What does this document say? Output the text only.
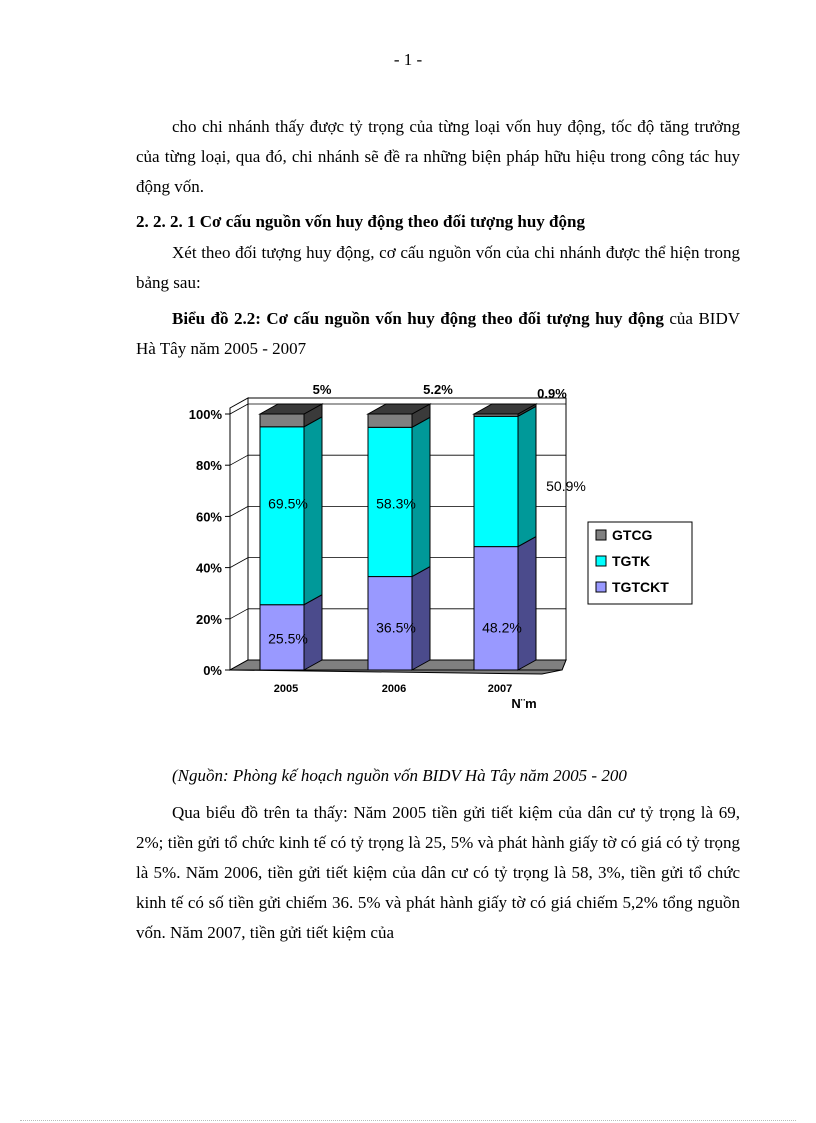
- 1 -

cho chi nhánh thấy được tỷ trọng của từng loại vốn huy động, tốc độ tăng trưởng của từng loại, qua đó, chi nhánh sẽ đề ra những biện pháp hữu hiệu trong công tác huy động vốn.

2. 2. 2. 1 Cơ cấu nguồn vốn huy động theo đối tượng huy động

Xét theo đối tượng huy động, cơ cấu nguồn vốn của chi nhánh được thể hiện trong bảng sau:

Biểu đồ 2.2: Cơ cấu nguồn vốn huy động theo đối tượng huy động của BIDV Hà Tây năm 2005 - 2007

0%
20%
40%
60%
80%
100%
2005	2006	2007
25.5%
36.5%	48.2%
69.5%	58.3%
50.9%
5%	5.2%	0.9%
N¨m
GTCG
TGTK
TGTCKT

(Nguồn: Phòng kế hoạch nguồn vốn BIDV Hà Tây năm 2005 - 200

Qua biểu đồ trên ta thấy: Năm 2005 tiền gửi tiết kiệm của dân cư tỷ trọng là 69, 2%; tiền gửi tổ chức kinh tế có tỷ trọng là 25, 5% và phát hành giấy tờ có giá có tỷ trọng là 5%. Năm 2006, tiền gửi tiết kiệm của dân cư có tỷ trọng là 58, 3%, tiền gửi tổ chức kinh tế có số tiền gửi chiếm 36. 5% và phát hành giấy tờ có giá chiếm 5,2% tổng nguồn vốn. Năm 2007, tiền gửi tiết kiệm của
